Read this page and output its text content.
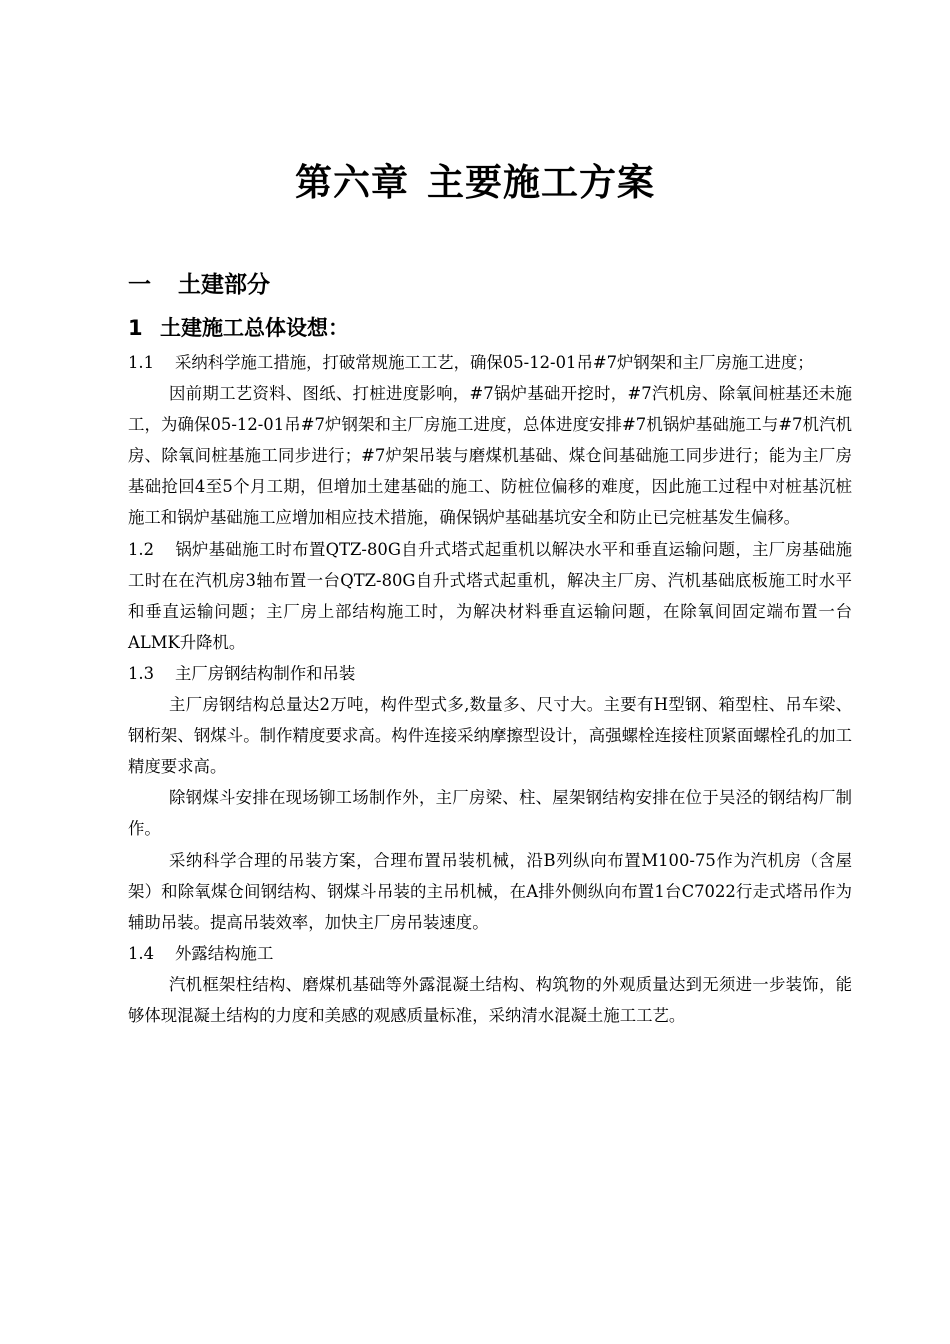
第六章 主要施工方案
一 土建部分
1 土建施工总体设想：

1.1 采纳科学施工措施，打破常规施工工艺，确保05-12-01吊#7炉钢架和主厂房施工进度；

因前期工艺资料、图纸、打桩进度影响，#7锅炉基础开挖时，#7汽机房、除氧间桩基还未施工，为确保05-12-01吊#7炉钢架和主厂房施工进度，总体进度安排#7机锅炉基础施工与#7机汽机房、除氧间桩基施工同步进行；#7炉架吊装与磨煤机基础、煤仓间基础施工同步进行；能为主厂房基础抢回4至5个月工期，但增加土建基础的施工、防桩位偏移的难度，因此施工过程中对桩基沉桩施工和锅炉基础施工应增加相应技术措施，确保锅炉基础基坑安全和防止已完桩基发生偏移。

1.2 锅炉基础施工时布置QTZ-80G自升式塔式起重机以解决水平和垂直运输问题，主厂房基础施工时在在汽机房3轴布置一台QTZ-80G自升式塔式起重机，解决主厂房、汽机基础底板施工时水平和垂直运输问题；主厂房上部结构施工时，为解决材料垂直运输问题，在除氧间固定端布置一台ALMK升降机。

1.3 主厂房钢结构制作和吊装

主厂房钢结构总量达2万吨，构件型式多,数量多、尺寸大。主要有H型钢、箱型柱、吊车梁、钢桁架、钢煤斗。制作精度要求高。构件连接采纳摩擦型设计，高强螺栓连接柱顶紧面螺栓孔的加工精度要求高。

除钢煤斗安排在现场铆工场制作外，主厂房梁、柱、屋架钢结构安排在位于吴泾的钢结构厂制作。

采纳科学合理的吊装方案，合理布置吊装机械，沿B列纵向布置M100-75作为汽机房（含屋架）和除氧煤仓间钢结构、钢煤斗吊装的主吊机械，在A排外侧纵向布置1台C7022行走式塔吊作为辅助吊装。提高吊装效率，加快主厂房吊装速度。

1.4 外露结构施工

汽机框架柱结构、磨煤机基础等外露混凝土结构、构筑物的外观质量达到无须进一步装饰，能够体现混凝土结构的力度和美感的观感质量标准，采纳清水混凝土施工工艺。
